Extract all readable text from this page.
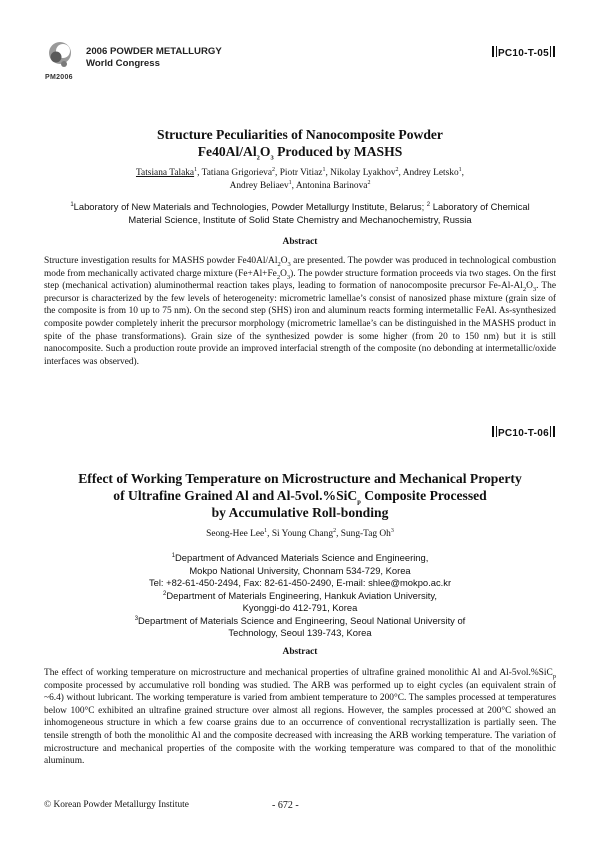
PM2006
2006 POWDER METALLURGY
World Congress
PC10-T-05
Structure Peculiarities of Nanocomposite Powder
$Fe40Al/Al_2O_3$ Produced by MASHS
Tatsiana Talaka$^1$, Tatiana Grigorieva$^2$, Piotr Vitiaz$^1$, Nikolay Lyakhov$^2$, Andrey Letsko$^1$,
Andrey Beliaev$^1$, Antonina Barinova$^2$
$^1$Laboratory of New Materials and Technologies, Powder Metallurgy Institute, Belarus; $^2$ Laboratory of Chemical
Material Science, Institute of Solid State Chemistry and Mechanochemistry, Russia
Abstract

Structure investigation results for MASHS powder $Fe40Al/Al_2O_3$ are presented. The powder was produced in technological combustion mode from mechanically activated charge mixture $(Fe+Al+Fe_2O_3)$. The powder structure formation proceeds via two stages. On the first step (mechanical activation) aluminothermal reaction takes plays, leading to formation of nanocomposite precursor $Fe-Al-Al_2O_3$. The precursor is characterized by the few levels of heterogeneity: micrometric lamellae’s consist of nanosized phase mixture (grain size of the composite is from 10 up to 75 nm). On the second step (SHS) iron and aluminum reacts forming intermetallic FeAl. As-synthesized composite powder completely inherit the precursor morphology (micrometric lamellae’s can be distinguished in the MASHS product in spite of the phase transformations). Grain size of the synthesized powder is some higher (from 20 to 150 nm) but it is still nanocomposite. Such a production route provide an improved interfacial strength of the composite (no debonding at intermetallic/oxide interfaces was observed).

PC10-T-06
Effect of Working Temperature on Microstructure and Mechanical Property
of Ultrafine Grained Al and Al-5vol.%SiC$_p$ Composite Processed
by Accumulative Roll-bonding
Seong-Hee Lee$^1$, Si Young Chang$^2$, Sung-Tag Oh$^3$
$^1$Department of Advanced Materials Science and Engineering,
Mokpo National University, Chonnam 534-729, Korea
Tel: +82-61-450-2494, Fax: 82-61-450-2490, E-mail: shlee@mokpo.ac.kr
$^2$Department of Materials Engineering, Hankuk Aviation University,
Kyonggi-do 412-791, Korea
$^3$Department of Materials Science and Engineering, Seoul National University of
Technology, Seoul 139-743, Korea
Abstract

The effect of working temperature on microstructure and mechanical properties of ultrafine grained monolithic Al and Al-5vol.%SiC$_p$ composite processed by accumulative roll bonding was studied. The ARB was performed up to eight cycles (an equivalent strain of ~6.4) without lubricant. The working temperature is varied from ambient temperature to 200°C. The samples processed at temperatures below 100°C exhibited an ultrafine grained structure over almost all regions. However, the samples processed at 200°C showed an inhomogeneous structure in which a few coarse grains due to an occurrence of conventional recrystallization is partially seen. The tensile strength of both the monolithic Al and the composite decreased with increasing the ARB working temperature. The variation of microstructure and mechanical properties of the composite with the working temperature was compared to that of the monolithic aluminum.

© Korean Powder Metallurgy Institute	- 672 -
